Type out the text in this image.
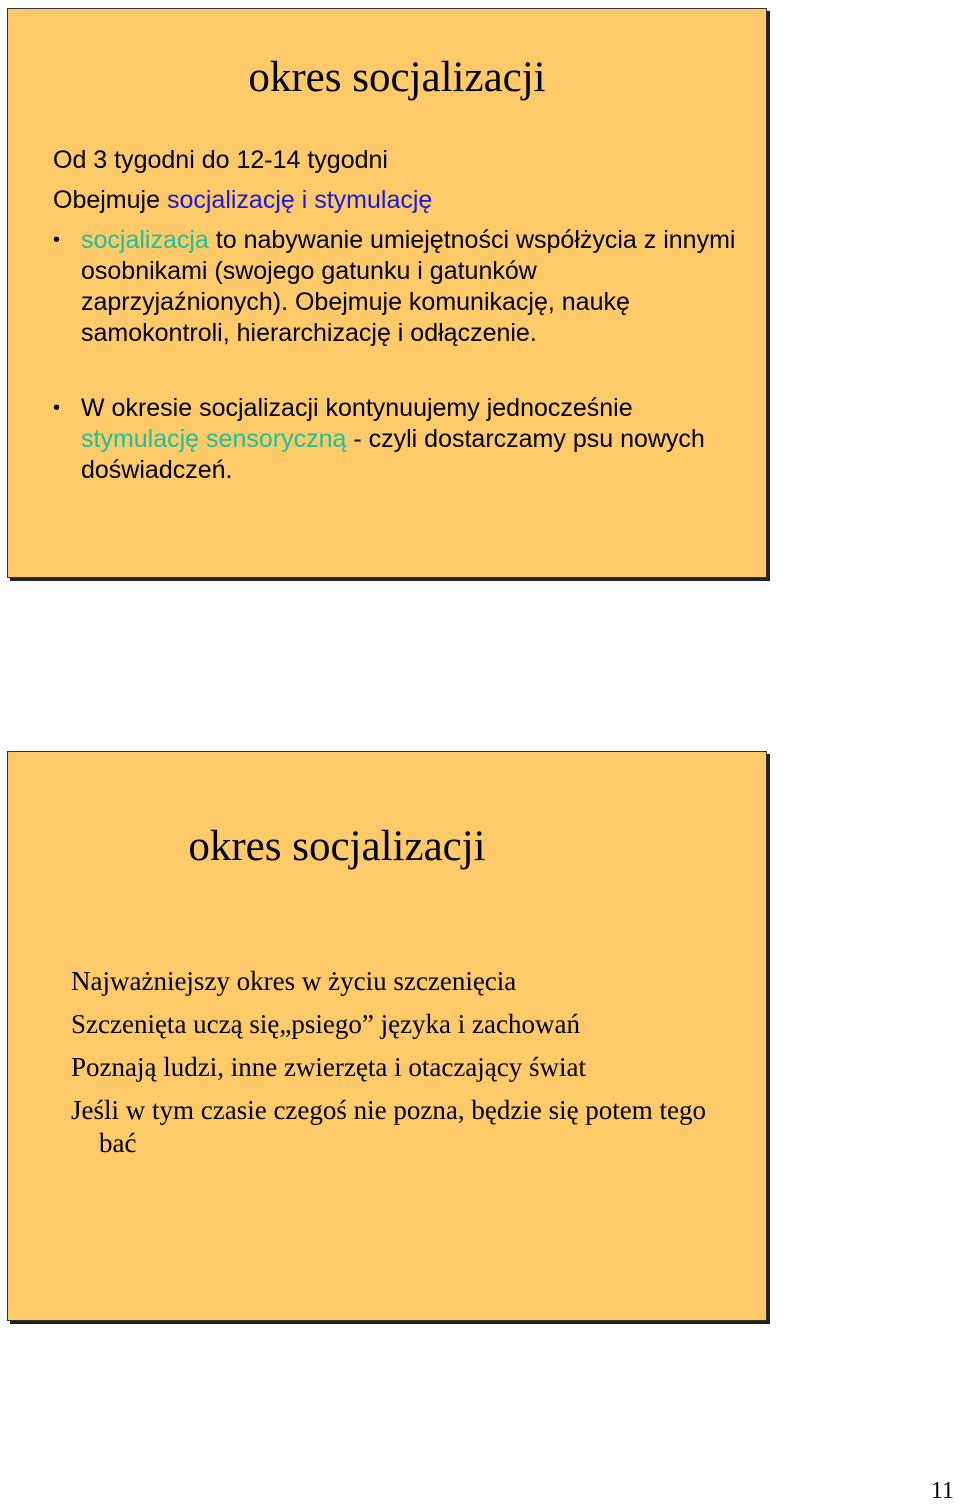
okres socjalizacji
Od 3 tygodni do 12-14 tygodni
Obejmuje socjalizację i stymulację
• socjalizacja to nabywanie umiejętności współżycia z innymi osobnikami (swojego gatunku i gatunków zaprzyjaźnionych). Obejmuje komunikację, naukę samokontroli, hierarchizację i odłączenie.
• W okresie socjalizacji kontynuujemy jednocześnie stymulację sensoryczną - czyli dostarczamy psu nowych doświadczeń.
okres socjalizacji
Najważniejszy okres w życiu szczenięcia
Szczenięta uczą się„psiego” języka i zachowań
Poznają ludzi, inne zwierzęta i otaczający świat
Jeśli w tym czasie czegoś nie pozna, będzie się potem tego bać
11
